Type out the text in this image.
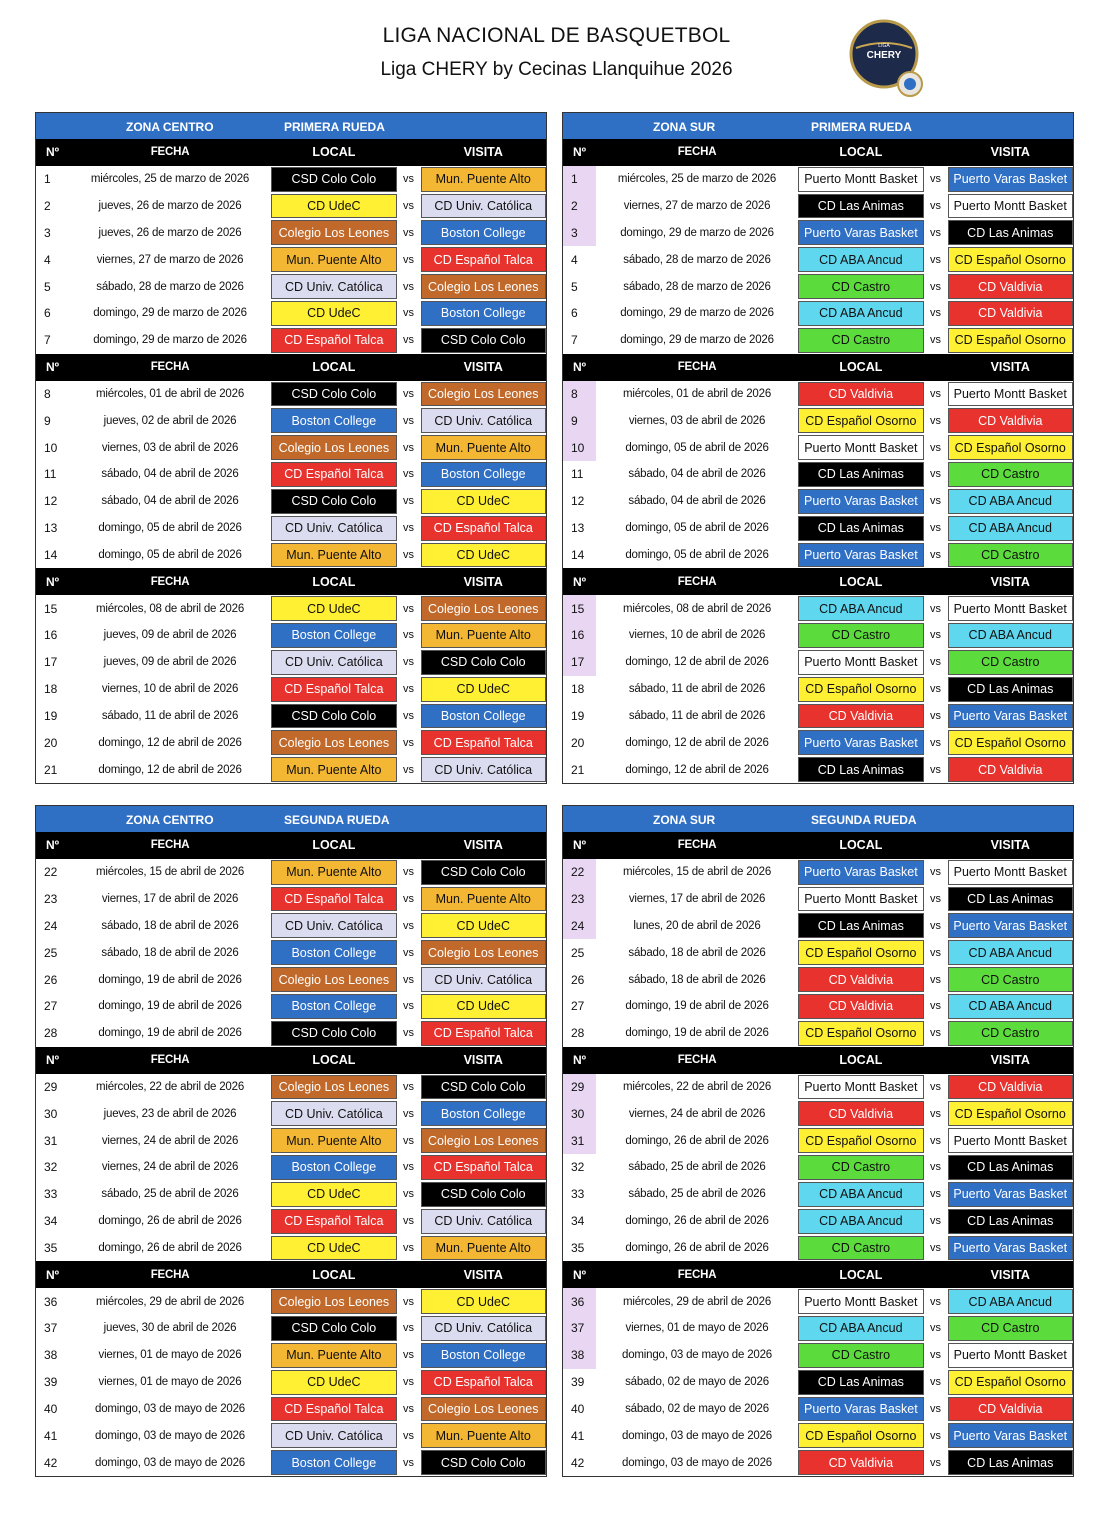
LIGA NACIONAL DE BASQUETBOL
Liga CHERY by Cecinas Llanquihue 2026
LIGA
CHERY
ZONA CENTRO	PRIMERA RUEDA
Nº	FECHA	LOCAL	VISITA
1	miércoles, 25 de marzo de 2026	CSD Colo Colo	vs	Mun. Puente Alto
2	jueves, 26 de marzo de 2026	CD UdeC	vs	CD Univ. Católica
3	jueves, 26 de marzo de 2026	Colegio Los Leones	vs	Boston College
4	viernes, 27 de marzo de 2026	Mun. Puente Alto	vs	CD Español Talca
5	sábado, 28 de marzo de 2026	CD Univ. Católica	vs	Colegio Los Leones
6	domingo, 29 de marzo de 2026	CD UdeC	vs	Boston College
7	domingo, 29 de marzo de 2026	CD Español Talca	vs	CSD Colo Colo
Nº	FECHA	LOCAL	VISITA
8	miércoles, 01 de abril de 2026	CSD Colo Colo	vs	Colegio Los Leones
9	jueves, 02 de abril de 2026	Boston College	vs	CD Univ. Católica
10	viernes, 03 de abril de 2026	Colegio Los Leones	vs	Mun. Puente Alto
11	sábado, 04 de abril de 2026	CD Español Talca	vs	Boston College
12	sábado, 04 de abril de 2026	CSD Colo Colo	vs	CD UdeC
13	domingo, 05 de abril de 2026	CD Univ. Católica	vs	CD Español Talca
14	domingo, 05 de abril de 2026	Mun. Puente Alto	vs	CD UdeC
Nº	FECHA	LOCAL	VISITA
15	miércoles, 08 de abril de 2026	CD UdeC	vs	Colegio Los Leones
16	jueves, 09 de abril de 2026	Boston College	vs	Mun. Puente Alto
17	jueves, 09 de abril de 2026	CD Univ. Católica	vs	CSD Colo Colo
18	viernes, 10 de abril de 2026	CD Español Talca	vs	CD UdeC
19	sábado, 11 de abril de 2026	CSD Colo Colo	vs	Boston College
20	domingo, 12 de abril de 2026	Colegio Los Leones	vs	CD Español Talca
21	domingo, 12 de abril de 2026	Mun. Puente Alto	vs	CD Univ. Católica
ZONA SUR	PRIMERA RUEDA
Nº	FECHA	LOCAL	VISITA
1	miércoles, 25 de marzo de 2026	Puerto Montt Basket	vs Puerto Varas Basket
2	viernes, 27 de marzo de 2026	CD Las Animas	vs	Puerto Montt Basket
3	domingo, 29 de marzo de 2026	Puerto Varas Basket	vs	CD Las Animas
4	sábado, 28 de marzo de 2026	CD ABA Ancud	vs	CD Español Osorno
5	sábado, 28 de marzo de 2026	CD Castro	vs	CD Valdivia
6	domingo, 29 de marzo de 2026	CD ABA Ancud	vs	CD Valdivia
7	domingo, 29 de marzo de 2026	CD Castro	vs	CD Español Osorno
Nº	FECHA	LOCAL	VISITA
8	miércoles, 01 de abril de 2026	CD Valdivia	vs	Puerto Montt Basket
9	viernes, 03 de abril de 2026	CD Español Osorno	vs	CD Valdivia
10	domingo, 05 de abril de 2026	Puerto Montt Basket	vs	CD Español Osorno
11	sábado, 04 de abril de 2026	CD Las Animas	vs	CD Castro
12	sábado, 04 de abril de 2026	Puerto Varas Basket	vs	CD ABA Ancud
13	domingo, 05 de abril de 2026	CD Las Animas	vs	CD ABA Ancud
14	domingo, 05 de abril de 2026	Puerto Varas Basket	vs	CD Castro
Nº	FECHA	LOCAL	VISITA
15	miércoles, 08 de abril de 2026	CD ABA Ancud	vs	Puerto Montt Basket
16	viernes, 10 de abril de 2026	CD Castro	vs	CD ABA Ancud
17	domingo, 12 de abril de 2026	Puerto Montt Basket	vs	CD Castro
18	sábado, 11 de abril de 2026	CD Español Osorno	vs	CD Las Animas
19	sábado, 11 de abril de 2026	CD Valdivia	vs Puerto Varas Basket
20	domingo, 12 de abril de 2026	Puerto Varas Basket	vs	CD Español Osorno
21	domingo, 12 de abril de 2026	CD Las Animas	vs	CD Valdivia
ZONA CENTRO	SEGUNDA RUEDA
Nº	FECHA	LOCAL	VISITA
22	miércoles, 15 de abril de 2026	Mun. Puente Alto	vs	CSD Colo Colo
23	viernes, 17 de abril de 2026	CD Español Talca	vs	Mun. Puente Alto
24	sábado, 18 de abril de 2026	CD Univ. Católica	vs	CD UdeC
25	sábado, 18 de abril de 2026	Boston College	vs	Colegio Los Leones
26	domingo, 19 de abril de 2026	Colegio Los Leones	vs	CD Univ. Católica
27	domingo, 19 de abril de 2026	Boston College	vs	CD UdeC
28	domingo, 19 de abril de 2026	CSD Colo Colo	vs	CD Español Talca
Nº	FECHA	LOCAL	VISITA
29	miércoles, 22 de abril de 2026	Colegio Los Leones	vs	CSD Colo Colo
30	jueves, 23 de abril de 2026	CD Univ. Católica	vs	Boston College
31	viernes, 24 de abril de 2026	Mun. Puente Alto	vs	Colegio Los Leones
32	viernes, 24 de abril de 2026	Boston College	vs	CD Español Talca
33	sábado, 25 de abril de 2026	CD UdeC	vs	CSD Colo Colo
34	domingo, 26 de abril de 2026	CD Español Talca	vs	CD Univ. Católica
35	domingo, 26 de abril de 2026	CD UdeC	vs	Mun. Puente Alto
Nº	FECHA	LOCAL	VISITA
36	miércoles, 29 de abril de 2026	Colegio Los Leones	vs	CD UdeC
37	jueves, 30 de abril de 2026	CSD Colo Colo	vs	CD Univ. Católica
38	viernes, 01 de mayo de 2026	Mun. Puente Alto	vs	Boston College
39	viernes, 01 de mayo de 2026	CD UdeC	vs	CD Español Talca
40	domingo, 03 de mayo de 2026	CD Español Talca	vs	Colegio Los Leones
41	domingo, 03 de mayo de 2026	CD Univ. Católica	vs	Mun. Puente Alto
42	domingo, 03 de mayo de 2026	Boston College	vs	CSD Colo Colo
ZONA SUR	SEGUNDA RUEDA
Nº	FECHA	LOCAL	VISITA
22	miércoles, 15 de abril de 2026	Puerto Varas Basket	vs	Puerto Montt Basket
23	viernes, 17 de abril de 2026	Puerto Montt Basket	vs	CD Las Animas
24	lunes, 20 de abril de 2026	CD Las Animas	vs Puerto Varas Basket
25	sábado, 18 de abril de 2026	CD Español Osorno	vs	CD ABA Ancud
26	sábado, 18 de abril de 2026	CD Valdivia	vs	CD Castro
27	domingo, 19 de abril de 2026	CD Valdivia	vs	CD ABA Ancud
28	domingo, 19 de abril de 2026	CD Español Osorno	vs	CD Castro
Nº	FECHA	LOCAL	VISITA
29	miércoles, 22 de abril de 2026	Puerto Montt Basket	vs	CD Valdivia
30	viernes, 24 de abril de 2026	CD Valdivia	vs	CD Español Osorno
31	domingo, 26 de abril de 2026	CD Español Osorno	vs	Puerto Montt Basket
32	sábado, 25 de abril de 2026	CD Castro	vs	CD Las Animas
33	sábado, 25 de abril de 2026	CD ABA Ancud	vs Puerto Varas Basket
34	domingo, 26 de abril de 2026	CD ABA Ancud	vs	CD Las Animas
35	domingo, 26 de abril de 2026	CD Castro	vs Puerto Varas Basket
Nº	FECHA	LOCAL	VISITA
36	miércoles, 29 de abril de 2026	Puerto Montt Basket	vs	CD ABA Ancud
37	viernes, 01 de mayo de 2026	CD ABA Ancud	vs	CD Castro
38	domingo, 03 de mayo de 2026	CD Castro	vs	Puerto Montt Basket
39	sábado, 02 de mayo de 2026	CD Las Animas	vs	CD Español Osorno
40	sábado, 02 de mayo de 2026	Puerto Varas Basket	vs	CD Valdivia
41	domingo, 03 de mayo de 2026	CD Español Osorno	vs Puerto Varas Basket
42	domingo, 03 de mayo de 2026	CD Valdivia	vs	CD Las Animas
